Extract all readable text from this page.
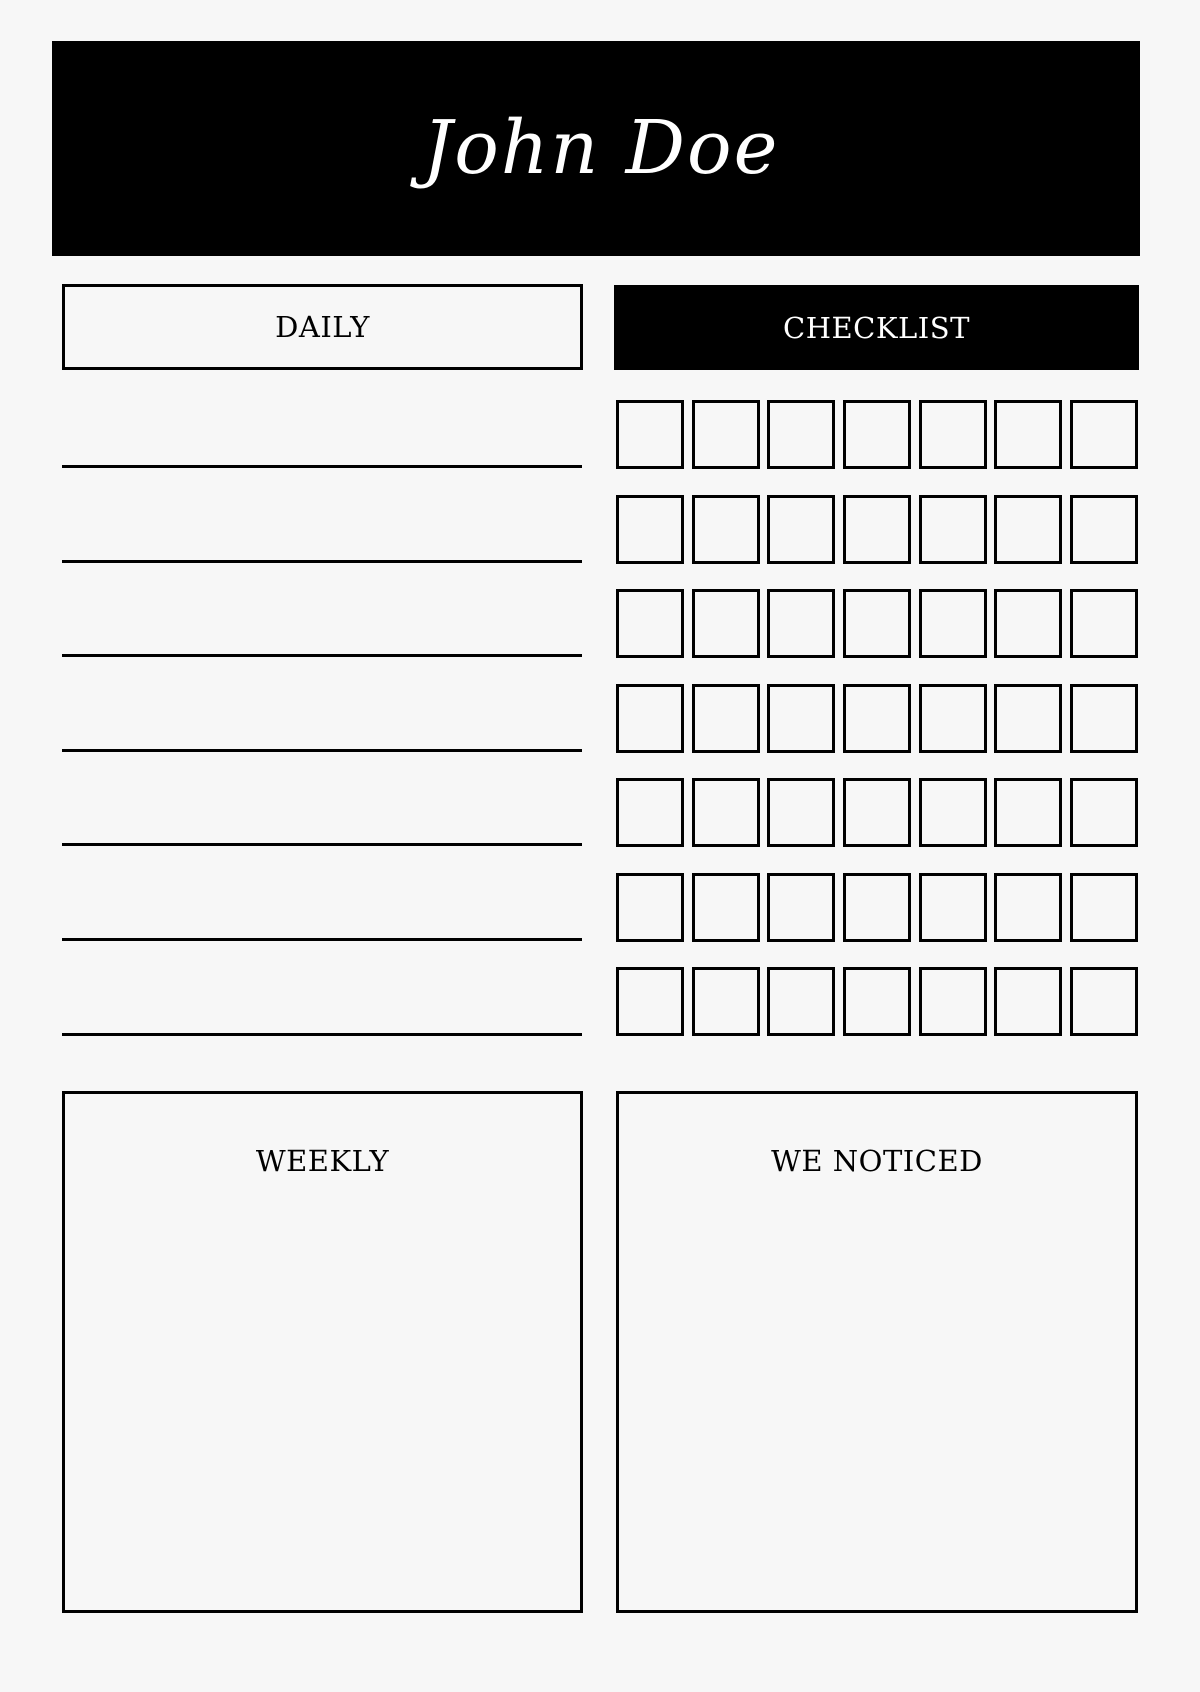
John Doe
DAILY	CHECKLIST
WEEKLY	WE NOTICED
